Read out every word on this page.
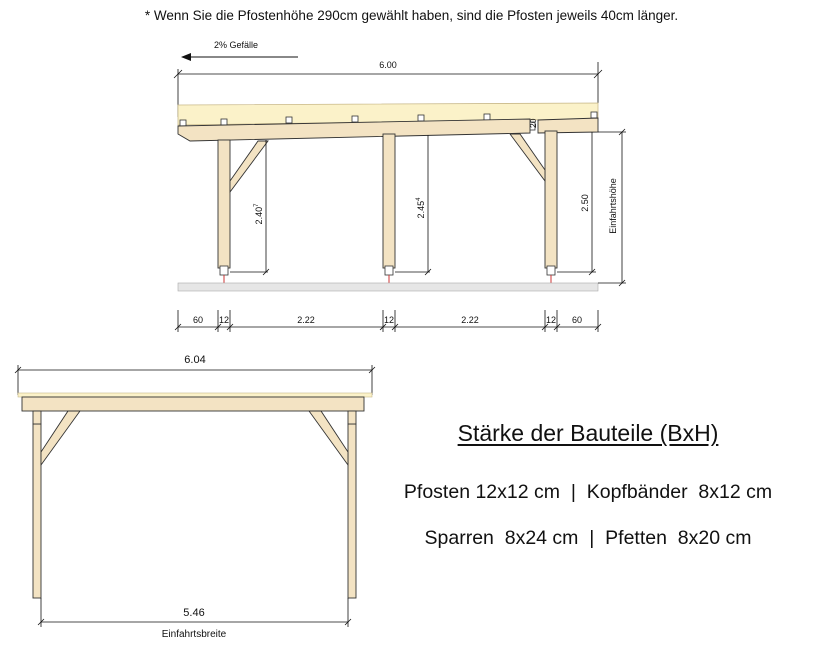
* Wenn Sie die Pfostenhöhe 290cm gewählt haben, sind die Pfosten jeweils 40cm länger.
2% Gefälle
6.00
20
2.40$^7$	2.45$^4$	2.50 Einfahrtshöhe
60 12	2.22	12	2.22	12 60
6.04
5.46
Einfahrtsbreite
Stärke der Bauteile (BxH)
Pfosten 12x12 cm  |  Kopfbänder  8x12 cm
Sparren  8x24 cm  |  Pfetten  8x20 cm
